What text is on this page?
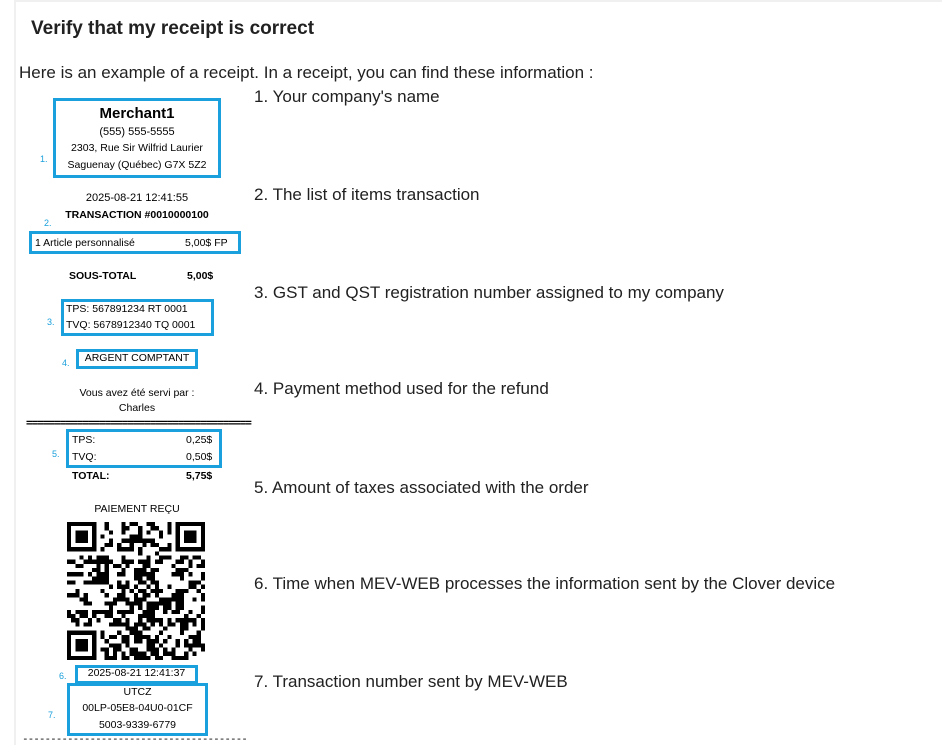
Verify that my receipt is correct
Here is an example of a receipt. In a receipt, you can find these information :
1. Your company's name
2. The list of items transaction
3. GST and QST registration number assigned to my company
4. Payment method used for the refund
5. Amount of taxes associated with the order
6. Time when MEV-WEB processes the information sent by the Clover device
7. Transaction number sent by MEV-WEB
1.
Merchant1
(555) 555-5555
2303, Rue Sir Wilfrid Laurier
Saguenay (Québec) G7X 5Z2
2025-08-21 12:41:55
TRANSACTION #0010000100
2.
1 Article personnalisé	5,00$ FP
SOUS-TOTAL	5,00$
3.
TPS: 567891234 RT 0001
TVQ: 5678912340 TQ 0001
4.	ARGENT COMPTANT
Vous avez été servi par :
Charles
========================================
5.
TPS:	0,25$
TVQ:	0,50$
TOTAL:	5,75$
PAIEMENT REÇU
6.	2025-08-21 12:41:37
7.
UTCZ
00LP-05E8-04U0-01CF
5003-9339-6779
----------------------------------------
